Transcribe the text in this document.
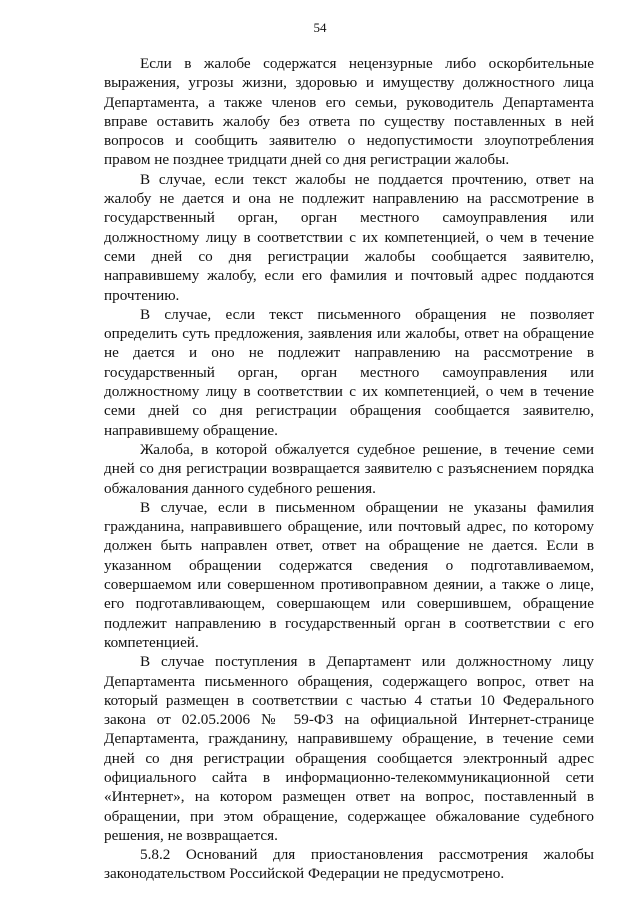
54

Если в жалобе содержатся нецензурные либо оскорбительные выражения, угрозы жизни, здоровью и имуществу должностного лица Департамента, а также членов его семьи, руководитель Департамента вправе оставить жалобу без ответа по существу поставленных в ней вопросов и сообщить заявителю о недопустимости злоупотребления правом не позднее тридцати дней со дня регистрации жалобы.

В случае, если текст жалобы не поддается прочтению, ответ на жалобу не дается и она не подлежит направлению на рассмотрение в государственный орган, орган местного самоуправления или должностному лицу в соответствии с их компетенцией, о чем в течение семи дней со дня регистрации жалобы сообщается заявителю, направившему жалобу, если его фамилия и почтовый адрес поддаются прочтению.

В случае, если текст письменного обращения не позволяет определить суть предложения, заявления или жалобы, ответ на обращение не дается и оно не подлежит направлению на рассмотрение в государственный орган, орган местного самоуправления или должностному лицу в соответствии с их компетенцией, о чем в течение семи дней со дня регистрации обращения сообщается заявителю, направившему обращение.

Жалоба, в которой обжалуется судебное решение, в течение семи дней со дня регистрации возвращается заявителю с разъяснением порядка обжалования данного судебного решения.

В случае, если в письменном обращении не указаны фамилия гражданина, направившего обращение, или почтовый адрес, по которому должен быть направлен ответ, ответ на обращение не дается. Если в указанном обращении содержатся сведения о подготавливаемом, совершаемом или совершенном противоправном деянии, а также о лице, его подготавливающем, совершающем или совершившем, обращение подлежит направлению в государственный орган в соответствии с его компетенцией.

В случае поступления в Департамент или должностному лицу Департамента письменного обращения, содержащего вопрос, ответ на который размещен в соответствии с частью 4 статьи 10 Федерального закона от 02.05.2006 № 59-ФЗ на официальной Интернет-странице Департамента, гражданину, направившему обращение, в течение семи дней со дня регистрации обращения сообщается электронный адрес официального сайта в информационно-телекоммуникационной сети «Интернет», на котором размещен ответ на вопрос, поставленный в обращении, при этом обращение, содержащее обжалование судебного решения, не возвращается.

5.8.2 Оснований для приостановления рассмотрения жалобы законодательством Российской Федерации не предусмотрено.
